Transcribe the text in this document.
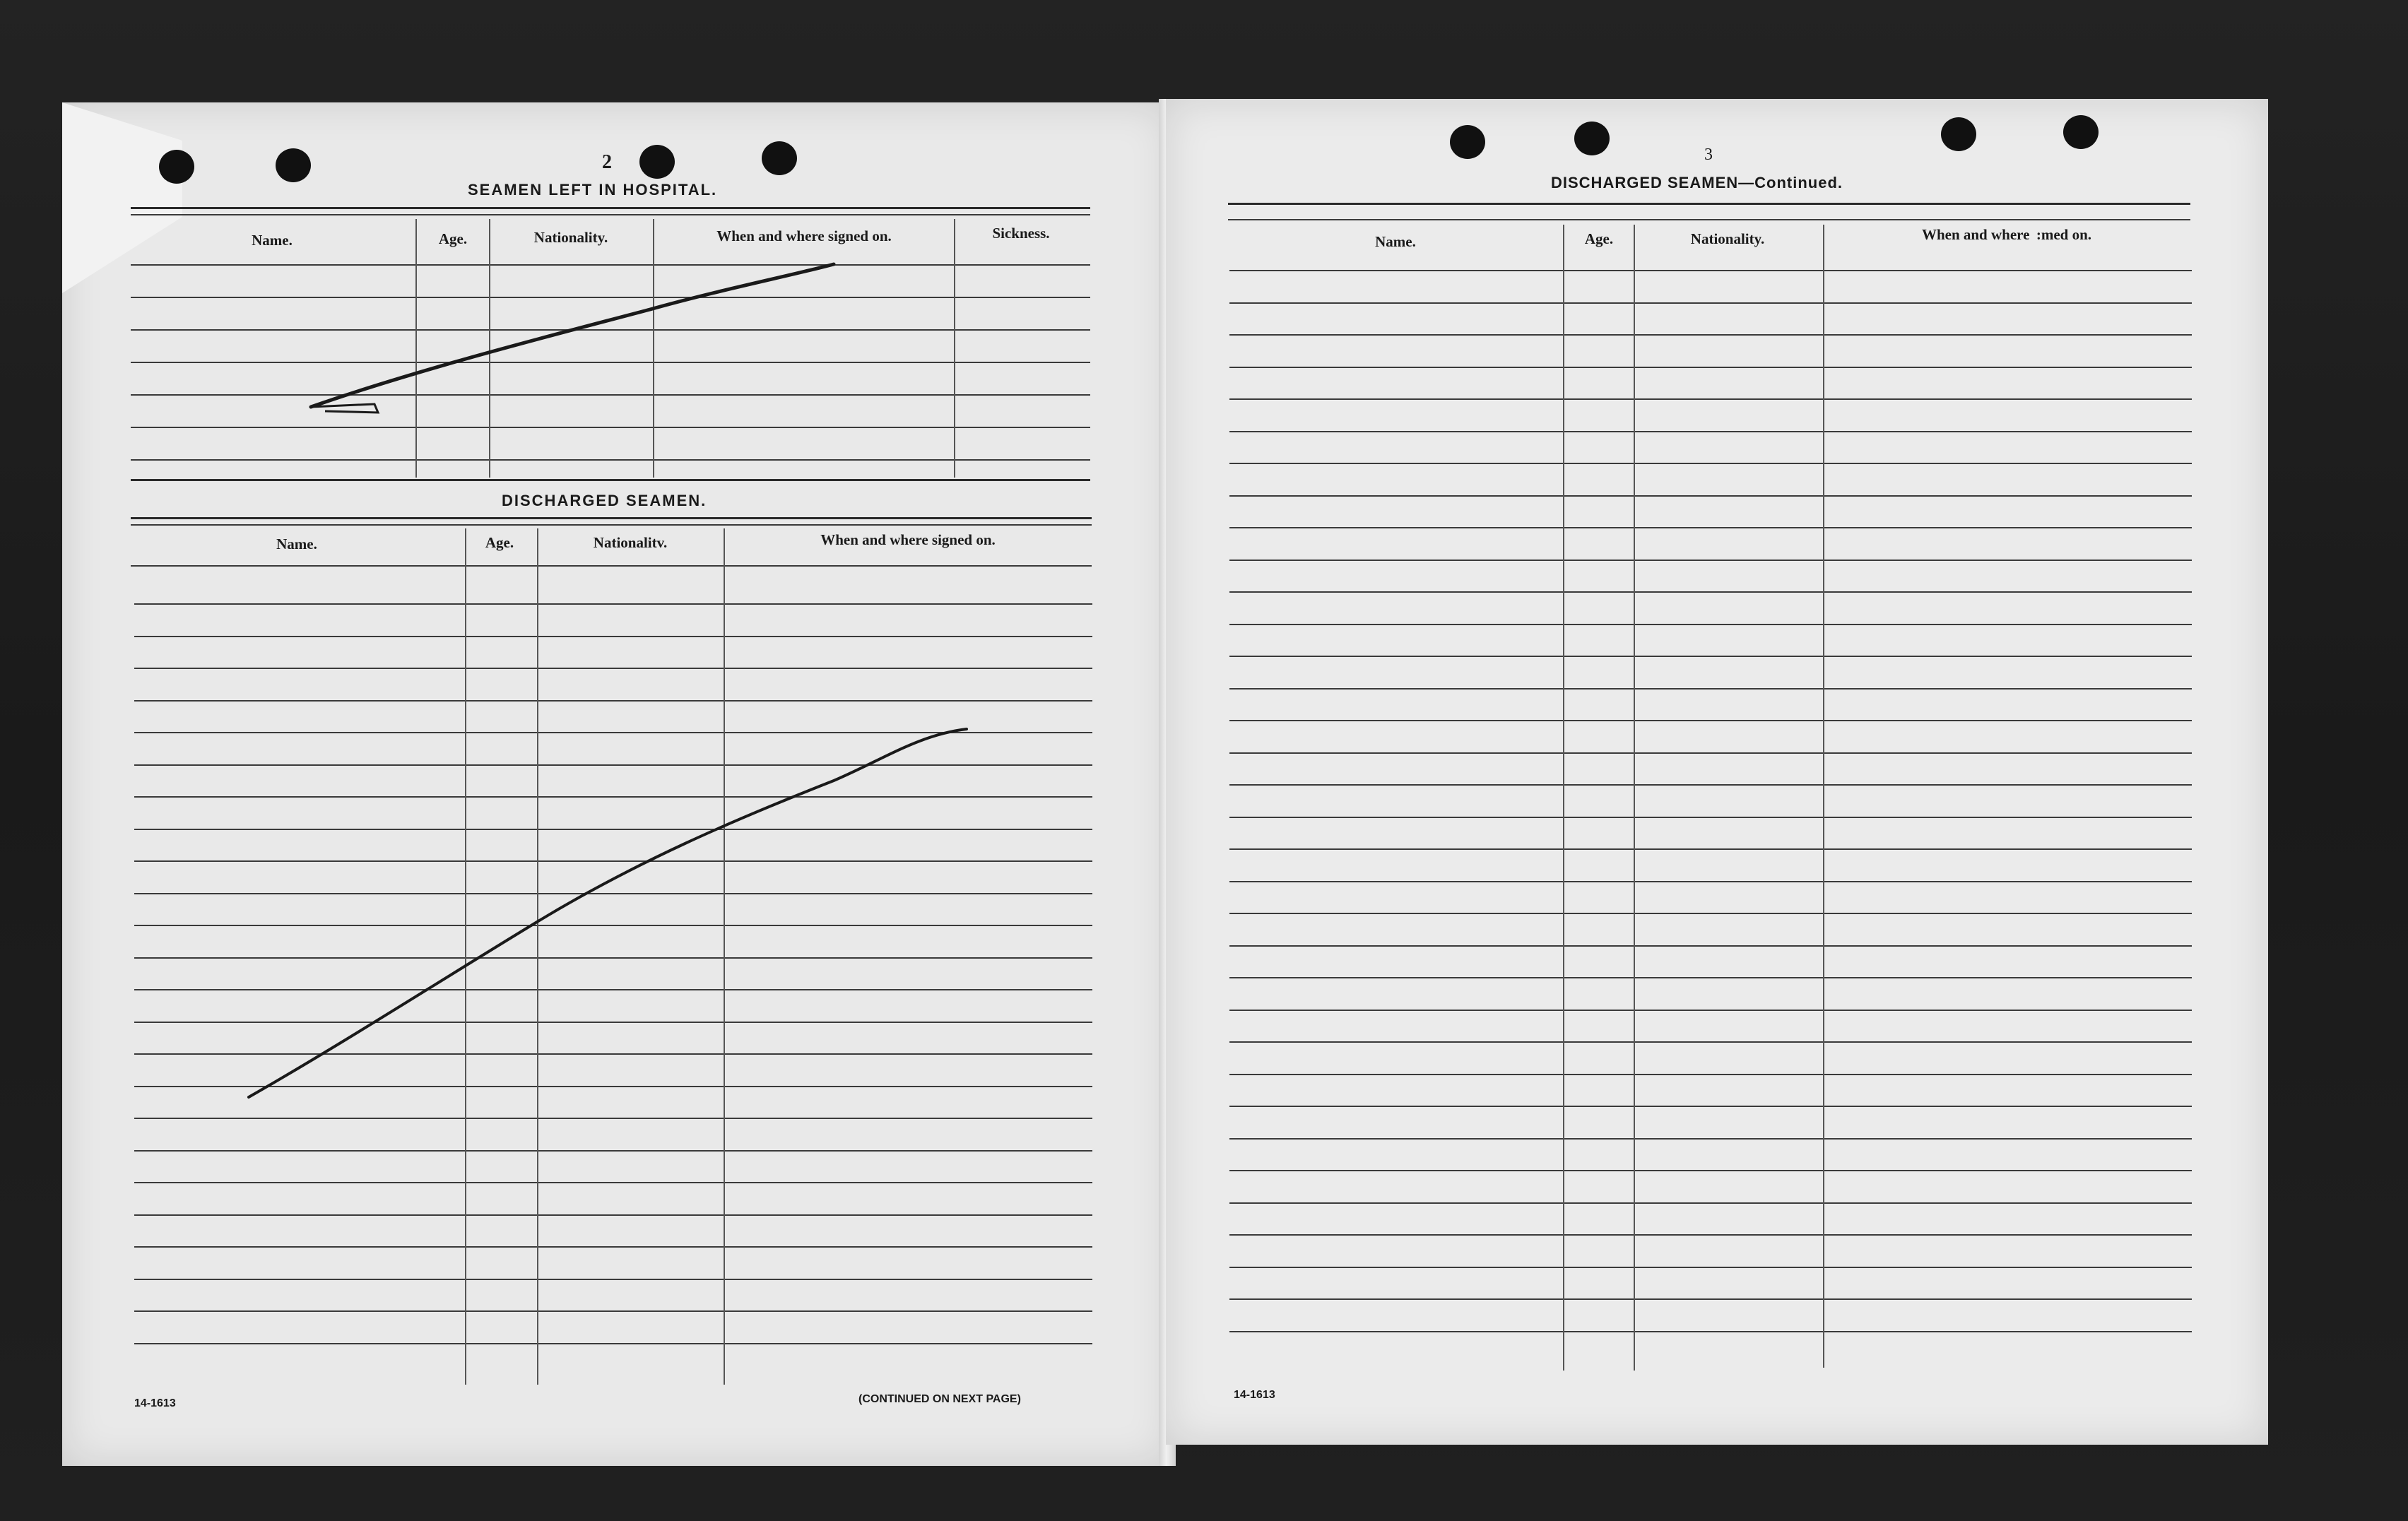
2
SEAMEN LEFT IN HOSPITAL.
Name.	Age.	Nationality.	When and where signed on.	Sickness.
DISCHARGED SEAMEN.
Name.	Age.	Nationalitv.	When and where signed on.
14-1613	(CONTINUED ON NEXT PAGE)
3
DISCHARGED SEAMEN—Continued.
Name.	Age.	Nationality.	When and where  :med on.
14-1613
